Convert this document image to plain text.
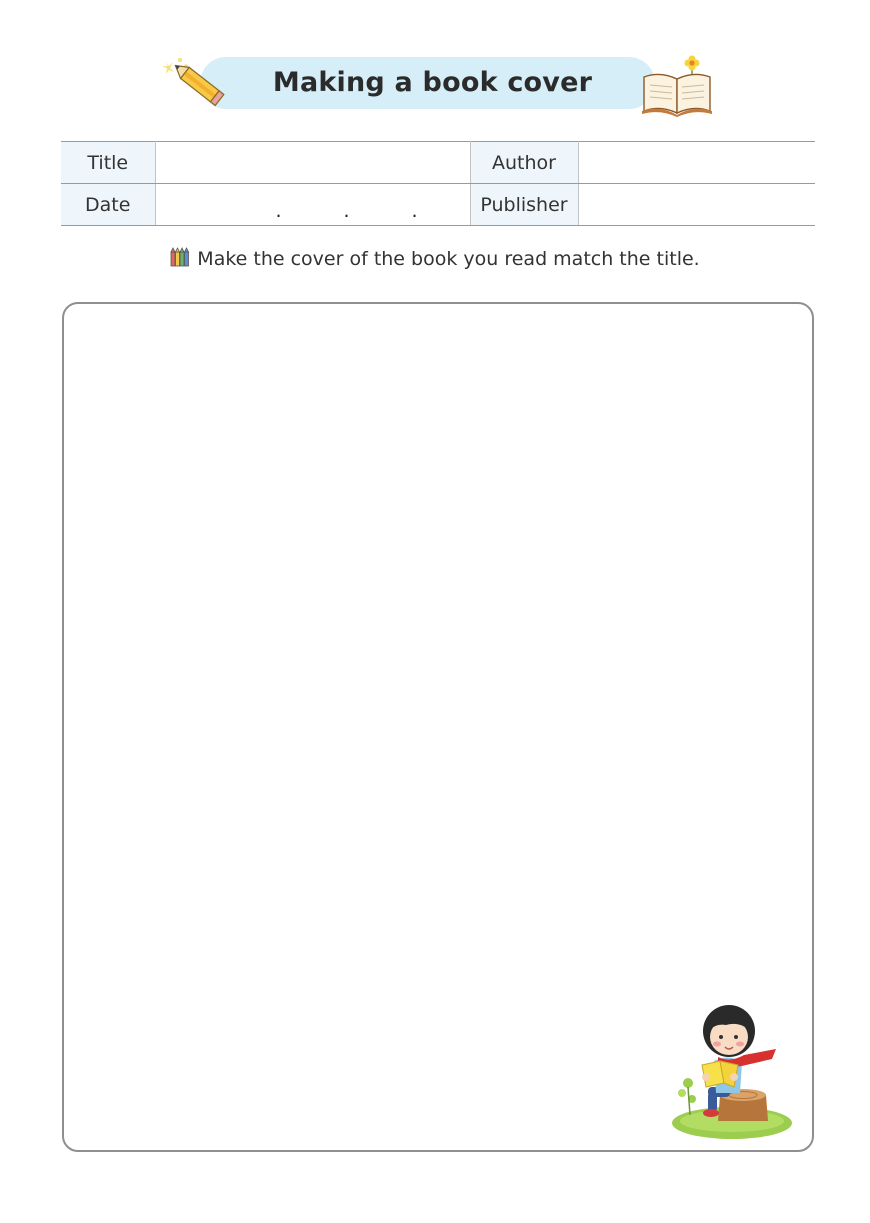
Making a book cover
Title		Author	
Date	. . .	Publisher	
Make the cover of the book you read match the title.
